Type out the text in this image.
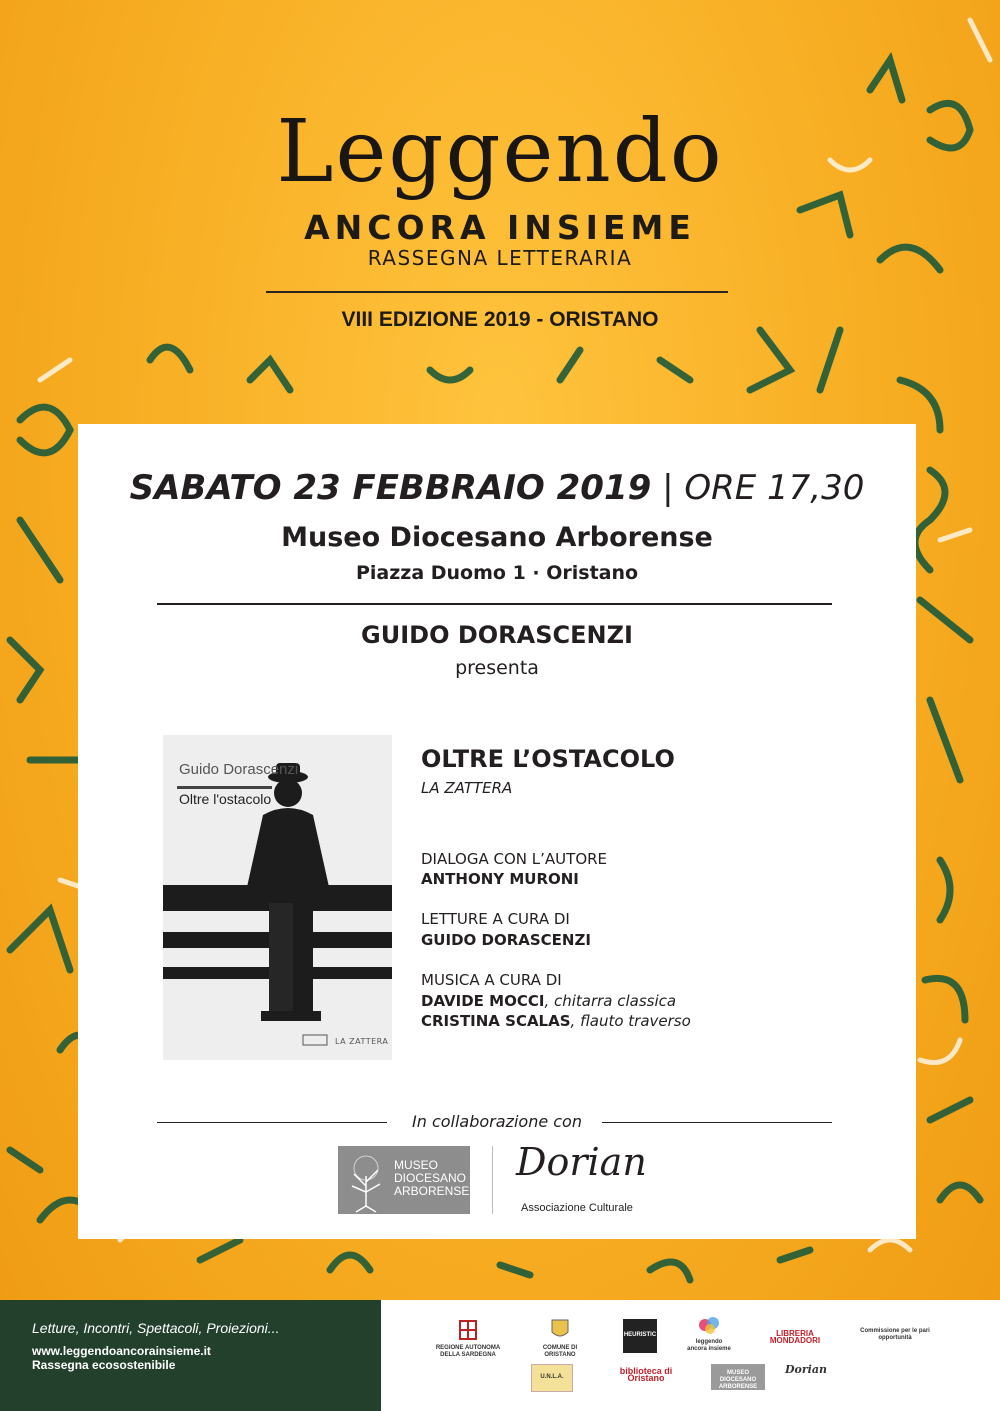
Leggendo
ANCORA INSIEME
RASSEGNA LETTERARIA
VIII EDIZIONE 2019 - ORISTANO
SABATO 23 FEBBRAIO 2019 | ORE 17,30
Museo Diocesano Arborense
Piazza Duomo 1 · Oristano
GUIDO DORASCENZI
presenta
Guido Dorascenzi
Oltre l'ostacolo
LA ZATTERA
OLTRE L’OSTACOLO
LA ZATTERA
DIALOGA CON L’AUTORE
ANTHONY MURONI
LETTURE A CURA DI
GUIDO DORASCENZI
MUSICA A CURA DI
DAVIDE MOCCI, chitarra classica
CRISTINA SCALAS, flauto traverso
In collaborazione con
MUSEO
DIOCESANO
ARBORENSE
Dorian
Associazione Culturale
Letture, Incontri, Spettacoli, Proiezioni...
www.leggendoancorainsieme.it
Rassegna ecosostenibile
REGIONE AUTONOMA DELLA SARDEGNA
COMUNE DI ORISTANO
HEURISTIC
leggendo ancora insieme
LIBRERIA MONDADORI
Commissione per le pari opportunità
U.N.L.A.
biblioteca di Oristano	MUSEO DIOCESANO ARBORENSE
Dorian
